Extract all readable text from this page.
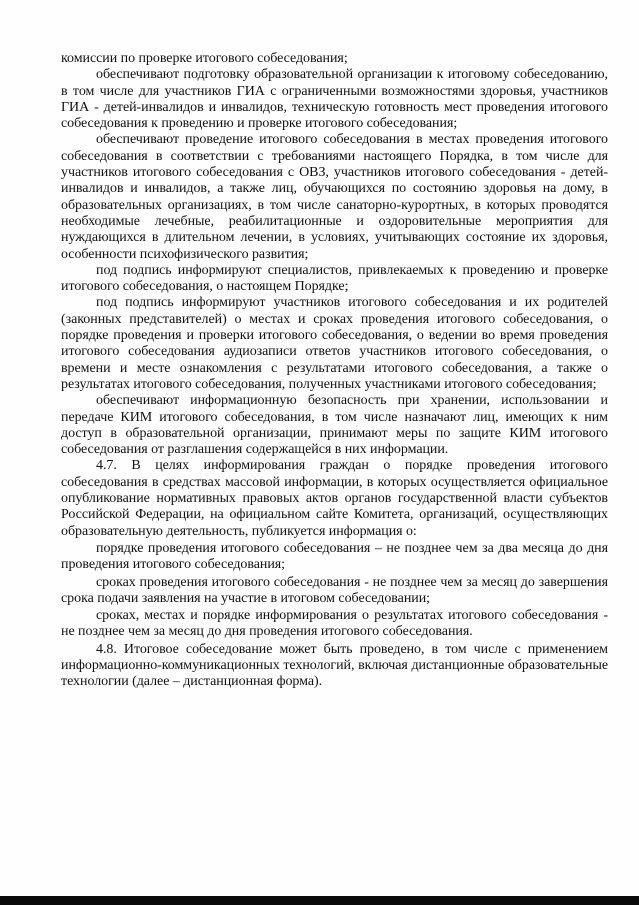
комиссии по проверке итогового собеседования;

обеспечивают подготовку образовательной организации к итоговому собеседованию, в том числе для участников ГИА с ограниченными возможностями здоровья, участников ГИА - детей-инвалидов и инвалидов, техническую готовность мест проведения итогового собеседования к проведению и проверке итогового собеседования;

обеспечивают проведение итогового собеседования в местах проведения итогового собеседования в соответствии с требованиями настоящего Порядка, в том числе для участников итогового собеседования с ОВЗ, участников итогового собеседования - детей-инвалидов и инвалидов, а также лиц, обучающихся по состоянию здоровья на дому, в образовательных организациях, в том числе санаторно-курортных, в которых проводятся необходимые лечебные, реабилитационные и оздоровительные мероприятия для нуждающихся в длительном лечении, в условиях, учитывающих состояние их здоровья, особенности психофизического развития;

под подпись информируют специалистов, привлекаемых к проведению и проверке итогового собеседования, о настоящем Порядке;

под подпись информируют участников итогового собеседования и их родителей (законных представителей) о местах и сроках проведения итогового собеседования, о порядке проведения и проверки итогового собеседования, о ведении во время проведения итогового собеседования аудиозаписи ответов участников итогового собеседования, о времени и месте ознакомления с результатами итогового собеседования, а также о результатах итогового собеседования, полученных участниками итогового собеседования;

обеспечивают информационную безопасность при хранении, использовании и передаче КИМ итогового собеседования, в том числе назначают лиц, имеющих к ним доступ в образовательной организации, принимают меры по защите КИМ итогового собеседования от разглашения содержащейся в них информации.

4.7. В целях информирования граждан о порядке проведения итогового собеседования в средствах массовой информации, в которых осуществляется официальное опубликование нормативных правовых актов органов государственной власти субъектов Российской Федерации, на официальном сайте Комитета, организаций, осуществляющих образовательную деятельность, публикуется информация о:

порядке проведения итогового собеседования – не позднее чем за два месяца до дня проведения итогового собеседования;

сроках проведения итогового собеседования - не позднее чем за месяц до завершения срока подачи заявления на участие в итоговом собеседовании;

сроках, местах и порядке информирования о результатах итогового собеседования - не позднее чем за месяц до дня проведения итогового собеседования.

4.8. Итоговое собеседование может быть проведено, в том числе с применением информационно-коммуникационных технологий, включая дистанционные образовательные технологии (далее – дистанционная форма).
